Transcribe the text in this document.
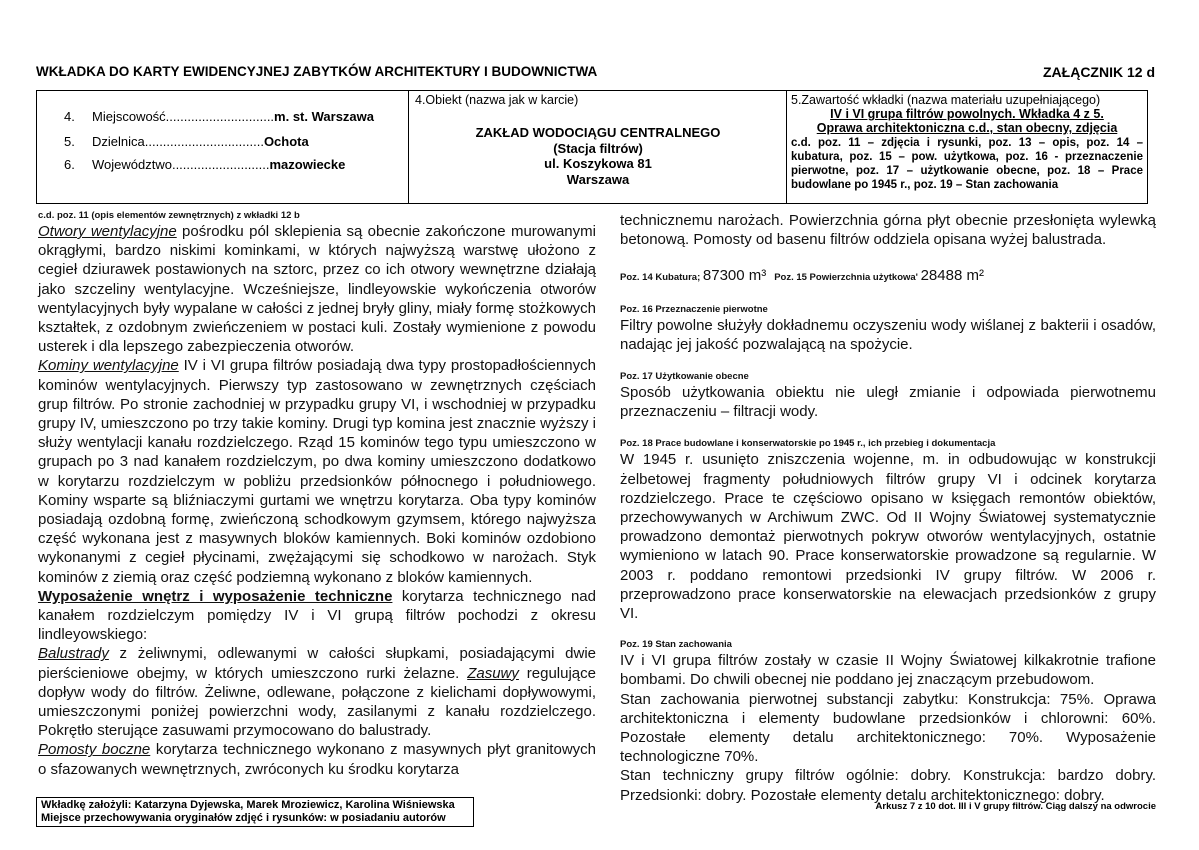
WKŁADKA DO KARTY EWIDENCYJNEJ ZABYTKÓW ARCHITEKTURY I BUDOWNICTWA	ZAŁĄCZNIK 12 d
4. Miejscowość..............................m. st. Warszawa
5. Dzielnica.................................Ochota
6. Województwo...........................mazowiecke
4.Obiekt (nazwa jak w karcie)
ZAKŁAD WODOCIĄGU CENTRALNEGO
(Stacja filtrów)
ul. Koszykowa 81
Warszawa
5.Zawartość wkładki (nazwa materiału uzupełniającego)
IV i VI grupa filtrów powolnych. Wkładka 4 z 5.
Oprawa architektoniczna c.d., stan obecny, zdjęcia
c.d. poz. 11 – zdjęcia i rysunki, poz. 13 – opis, poz. 14 – kubatura, poz. 15 – pow. użytkowa, poz. 16 - przeznaczenie pierwotne, poz. 17 – użytkowanie obecne, poz. 18 – Prace budowlane po 1945 r., poz. 19 – Stan zachowania
c.d. poz. 11 (opis elementów zewnętrznych) z wkładki 12 b

Otwory wentylacyjne pośrodku pól sklepienia są obecnie zakończone murowanymi okrągłymi, bardzo niskimi kominkami, w których najwyższą warstwę ułożono z cegieł dziurawek postawionych na sztorc, przez co ich otwory wewnętrzne działają jako szczeliny wentylacyjne. Wcześniejsze, lindleyowskie wykończenia otworów wentylacyjnych były wypalane w całości z jednej bryły gliny, miały formę stożkowych kształtek, z ozdobnym zwieńczeniem w postaci kuli. Zostały wymienione z powodu usterek i dla lepszego zabezpieczenia otworów.

Kominy wentylacyjne IV i VI grupa filtrów posiadają dwa typy prostopadłościennych kominów wentylacyjnych. Pierwszy typ zastosowano w zewnętrznych częściach grup filtrów. Po stronie zachodniej w przypadku grupy VI, i wschodniej w przypadku grupy IV, umieszczono po trzy takie kominy. Drugi typ komina jest znacznie wyższy i służy wentylacji kanału rozdzielczego. Rząd 15 kominów tego typu umieszczono w grupach po 3 nad kanałem rozdzielczym, po dwa kominy umieszczono dodatkowo w korytarzu rozdzielczym w pobliżu przedsionków północnego i południowego. Kominy wsparte są bliźniaczymi gurtami we wnętrzu korytarza. Oba typy kominów posiadają ozdobną formę, zwieńczoną schodkowym gzymsem, którego najwyższa część wykonana jest z masywnych bloków kamiennych. Boki kominów ozdobiono wykonanymi z cegieł płycinami, zwężającymi się schodkowo w narożach. Styk kominów z ziemią oraz część podziemną wykonano z bloków kamiennych.

Wyposażenie wnętrz i wyposażenie techniczne korytarza technicznego nad kanałem rozdzielczym pomiędzy IV i VI grupą filtrów pochodzi z okresu lindleyowskiego:

Balustrady z żeliwnymi, odlewanymi w całości słupkami, posiadającymi dwie pierścieniowe obejmy, w których umieszczono rurki żelazne. Zasuwy regulujące dopływ wody do filtrów. Żeliwne, odlewane, połączone z kielichami dopływowymi, umieszczonymi poniżej powierzchni wody, zasilanymi z kanału rozdzielczego. Pokrętło sterujące zasuwami przymocowano do balustrady.

Pomosty boczne korytarza technicznego wykonano z masywnych płyt granitowych o sfazowanych wewnętrznych, zwróconych ku środku korytarza

technicznemu narożach. Powierzchnia górna płyt obecnie przesłonięta wylewką betonową. Pomosty od basenu filtrów oddziela opisana wyżej balustrada.

Poz. 14 Kubatura; 87300 m³ Poz. 15 Powierzchnia użytkowa' 28488 m²

Poz. 16 Przeznaczenie pierwotne

Filtry powolne służyły dokładnemu oczyszeniu wody wiślanej z bakterii i osadów, nadając jej jakość pozwalającą na spożycie.

Poz. 17 Użytkowanie obecne

Sposób użytkowania obiektu nie uległ zmianie i odpowiada pierwotnemu przeznaczeniu – filtracji wody.

Poz. 18 Prace budowlane i konserwatorskie po 1945 r., ich przebieg i dokumentacja

W 1945 r. usunięto zniszczenia wojenne, m. in odbudowując w konstrukcji żelbetowej fragmenty południowych filtrów grupy VI i odcinek korytarza rozdzielczego. Prace te częściowo opisano w księgach remontów obiektów, przechowywanych w Archiwum ZWC. Od II Wojny Światowej systematycznie prowadzono demontaż pierwotnych pokryw otworów wentylacyjnych, ostatnie wymieniono w latach 90. Prace konserwatorskie prowadzone są regularnie. W 2003 r. poddano remontowi przedsionki IV grupy filtrów. W 2006 r. przeprowadzono prace konserwatorskie na elewacjach przedsionków z grupy VI.

Poz. 19 Stan zachowania

IV i VI grupa filtrów zostały w czasie II Wojny Światowej kilkakrotnie trafione bombami. Do chwili obecnej nie poddano jej znaczącym przebudowom.

Stan zachowania pierwotnej substancji zabytku: Konstrukcja: 75%. Oprawa architektoniczna i elementy budowlane przedsionków i chlorowni: 60%. Pozostałe elementy detalu architektonicznego: 70%. Wyposażenie technologiczne 70%.

Stan techniczny grupy filtrów ogólnie: dobry. Konstrukcja: bardzo dobry. Przedsionki: dobry. Pozostałe elementy detalu architektonicznego: dobry.

Wkładkę założyli: Katarzyna Dyjewska, Marek Mroziewicz, Karolina Wiśniewska
Miejsce przechowywania oryginałów zdjęć i rysunków: w posiadaniu autorów
Arkusz 7 z 10 dot. III i V grupy filtrów. Ciąg dalszy na odwrocie
